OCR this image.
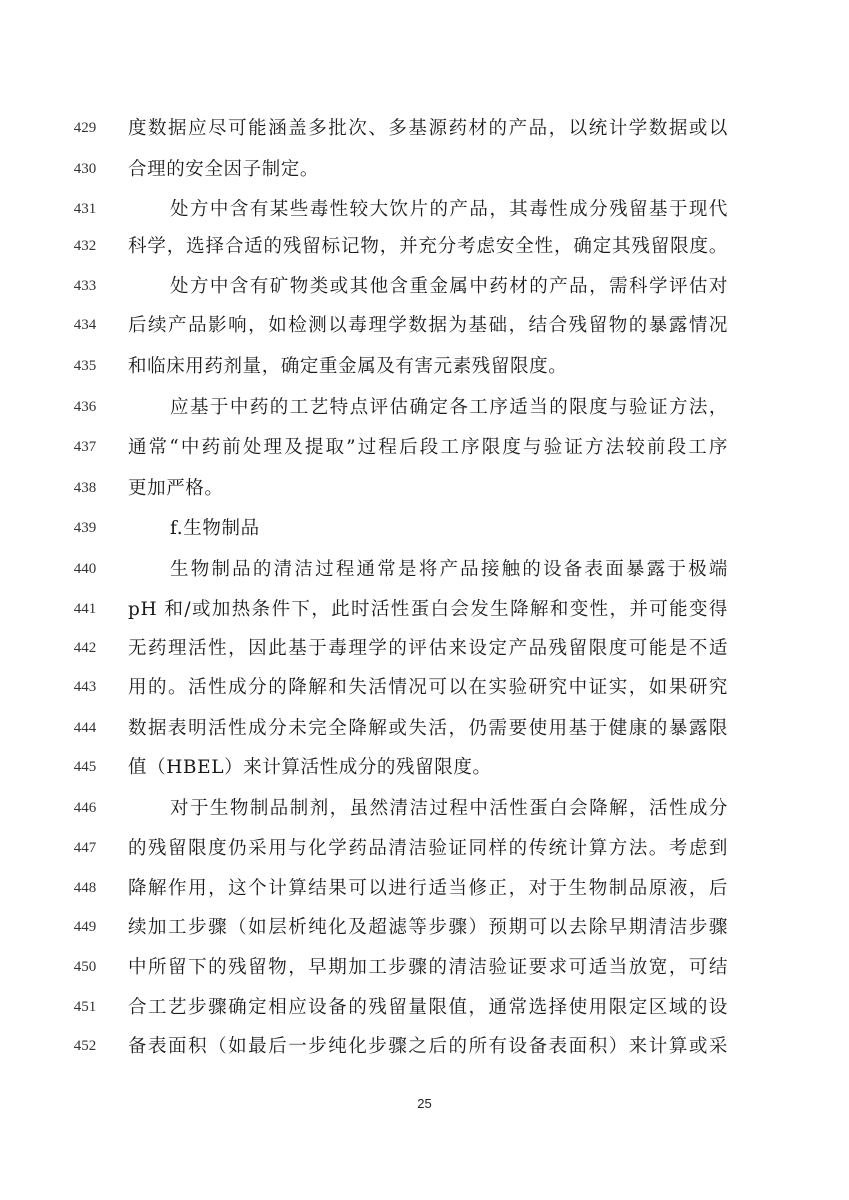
429	度数据应尽可能涵盖多批次、多基源药材的产品，以统计学数据或以
430	合理的安全因子制定。
431	处方中含有某些毒性较大饮片的产品，其毒性成分残留基于现代
432	科学，选择合适的残留标记物，并充分考虑安全性，确定其残留限度。
433	处方中含有矿物类或其他含重金属中药材的产品，需科学评估对
434	后续产品影响，如检测以毒理学数据为基础，结合残留物的暴露情况
435	和临床用药剂量，确定重金属及有害元素残留限度。
436	应基于中药的工艺特点评估确定各工序适当的限度与验证方法，
437	通常“中药前处理及提取”过程后段工序限度与验证方法较前段工序
438	更加严格。
439	f.生物制品
440	生物制品的清洁过程通常是将产品接触的设备表面暴露于极端
441	pH 和/或加热条件下，此时活性蛋白会发生降解和变性，并可能变得
442	无药理活性，因此基于毒理学的评估来设定产品残留限度可能是不适
443	用的。活性成分的降解和失活情况可以在实验研究中证实，如果研究
444	数据表明活性成分未完全降解或失活，仍需要使用基于健康的暴露限
445	值（HBEL）来计算活性成分的残留限度。
446	对于生物制品制剂，虽然清洁过程中活性蛋白会降解，活性成分
447	的残留限度仍采用与化学药品清洁验证同样的传统计算方法。考虑到
448	降解作用，这个计算结果可以进行适当修正，对于生物制品原液，后
449	续加工步骤（如层析纯化及超滤等步骤）预期可以去除早期清洁步骤
450	中所留下的残留物，早期加工步骤的清洁验证要求可适当放宽，可结
451	合工艺步骤确定相应设备的残留量限值，通常选择使用限定区域的设
452	备表面积（如最后一步纯化步骤之后的所有设备表面积）来计算或采
25
